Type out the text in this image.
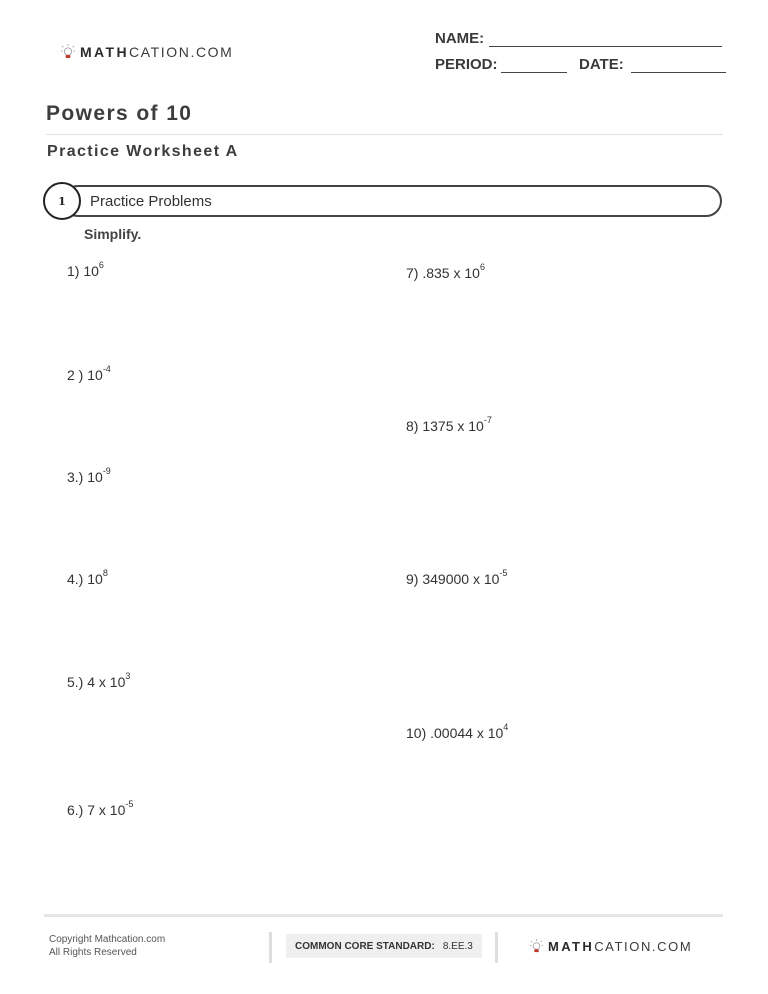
MATH CATION.COM
NAME:
PERIOD:	DATE:
Powers of 10
Practice Worksheet A
1 Practice Problems
Simplify.
1) $10^6$
2 ) $10^{-4}$
3.) $10^{-9}$
4.) $10^8$
5.) 4 x $10^3$
6.) 7 x $10^{-5}$
7) .835 x $10^6$
8) 1375 x $10^{-7}$
9) 349000 x $10^{-5}$
10) .00044 x $10^4$
Copyright Mathcation.com
All Rights Reserved
COMMON CORE STANDARD: 8.EE.3	MATH CATION.COM
